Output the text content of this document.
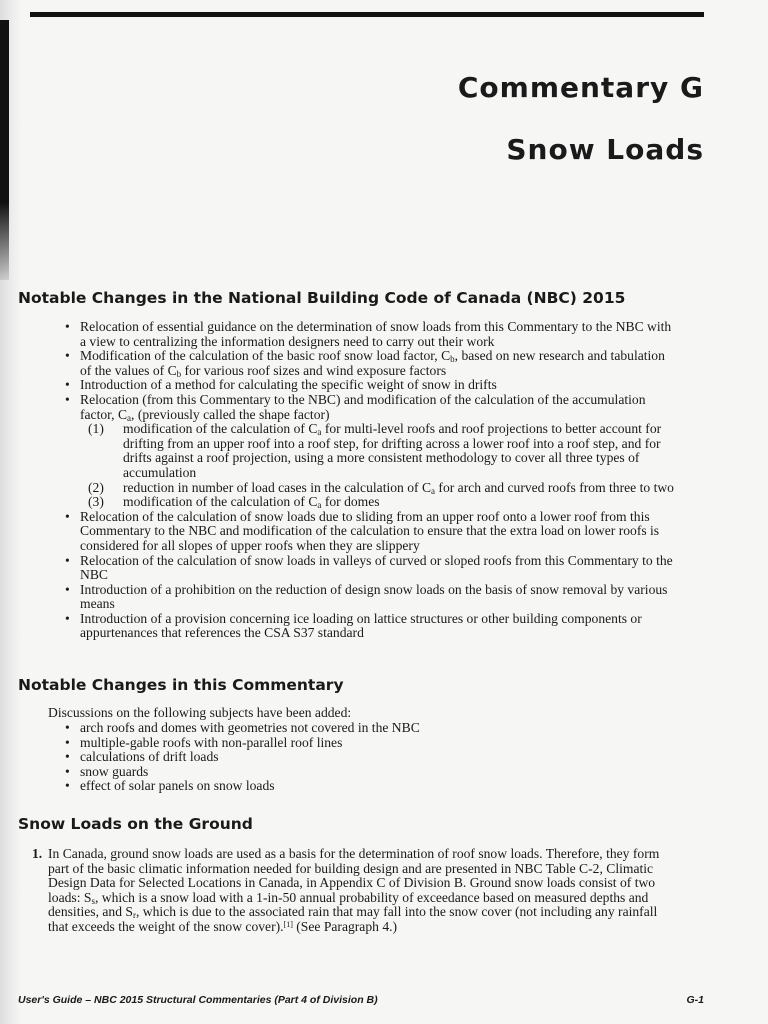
Commentary G

Snow Loads

Notable Changes in the National Building Code of Canada (NBC) 2015
• Relocation of essential guidance on the determination of snow loads from this Commentary to the NBC with a view to centralizing the information designers need to carry out their work
• Modification of the calculation of the basic roof snow load factor, $C_b$, based on new research and tabulation of the values of $C_b$ for various roof sizes and wind exposure factors
• Introduction of a method for calculating the specific weight of snow in drifts
• Relocation (from this Commentary to the NBC) and modification of the calculation of the accumulation factor, $C_a$, (previously called the shape factor)
(1) modification of the calculation of $C_a$ for multi-level roofs and roof projections to better account for drifting from an upper roof into a roof step, for drifting across a lower roof into a roof step, and for drifts against a roof projection, using a more consistent methodology to cover all three types of accumulation
(2) reduction in number of load cases in the calculation of $C_a$ for arch and curved roofs from three to two
(3) modification of the calculation of $C_a$ for domes
• Relocation of the calculation of snow loads due to sliding from an upper roof onto a lower roof from this Commentary to the NBC and modification of the calculation to ensure that the extra load on lower roofs is considered for all slopes of upper roofs when they are slippery
• Relocation of the calculation of snow loads in valleys of curved or sloped roofs from this Commentary to the NBC
• Introduction of a prohibition on the reduction of design snow loads on the basis of snow removal by various means
• Introduction of a provision concerning ice loading on lattice structures or other building components or appurtenances that references the CSA S37 standard
Notable Changes in this Commentary
Discussions on the following subjects have been added:
• arch roofs and domes with geometries not covered in the NBC
• multiple-gable roofs with non-parallel roof lines
• calculations of drift loads
• snow guards
• effect of solar panels on snow loads
Snow Loads on the Ground
1. In Canada, ground snow loads are used as a basis for the determination of roof snow loads. Therefore, they form part of the basic climatic information needed for building design and are presented in NBC Table C-2, Climatic Design Data for Selected Locations in Canada, in Appendix C of Division B. Ground snow loads consist of two loads: $S_s$, which is a snow load with a 1-in-50 annual probability of exceedance based on measured depths and densities, and $S_r$, which is due to the associated rain that may fall into the snow cover (not including any rainfall that exceeds the weight of the snow cover).[1] (See Paragraph 4.)
User's Guide – NBC 2015 Structural Commentaries (Part 4 of Division B)	G-1
